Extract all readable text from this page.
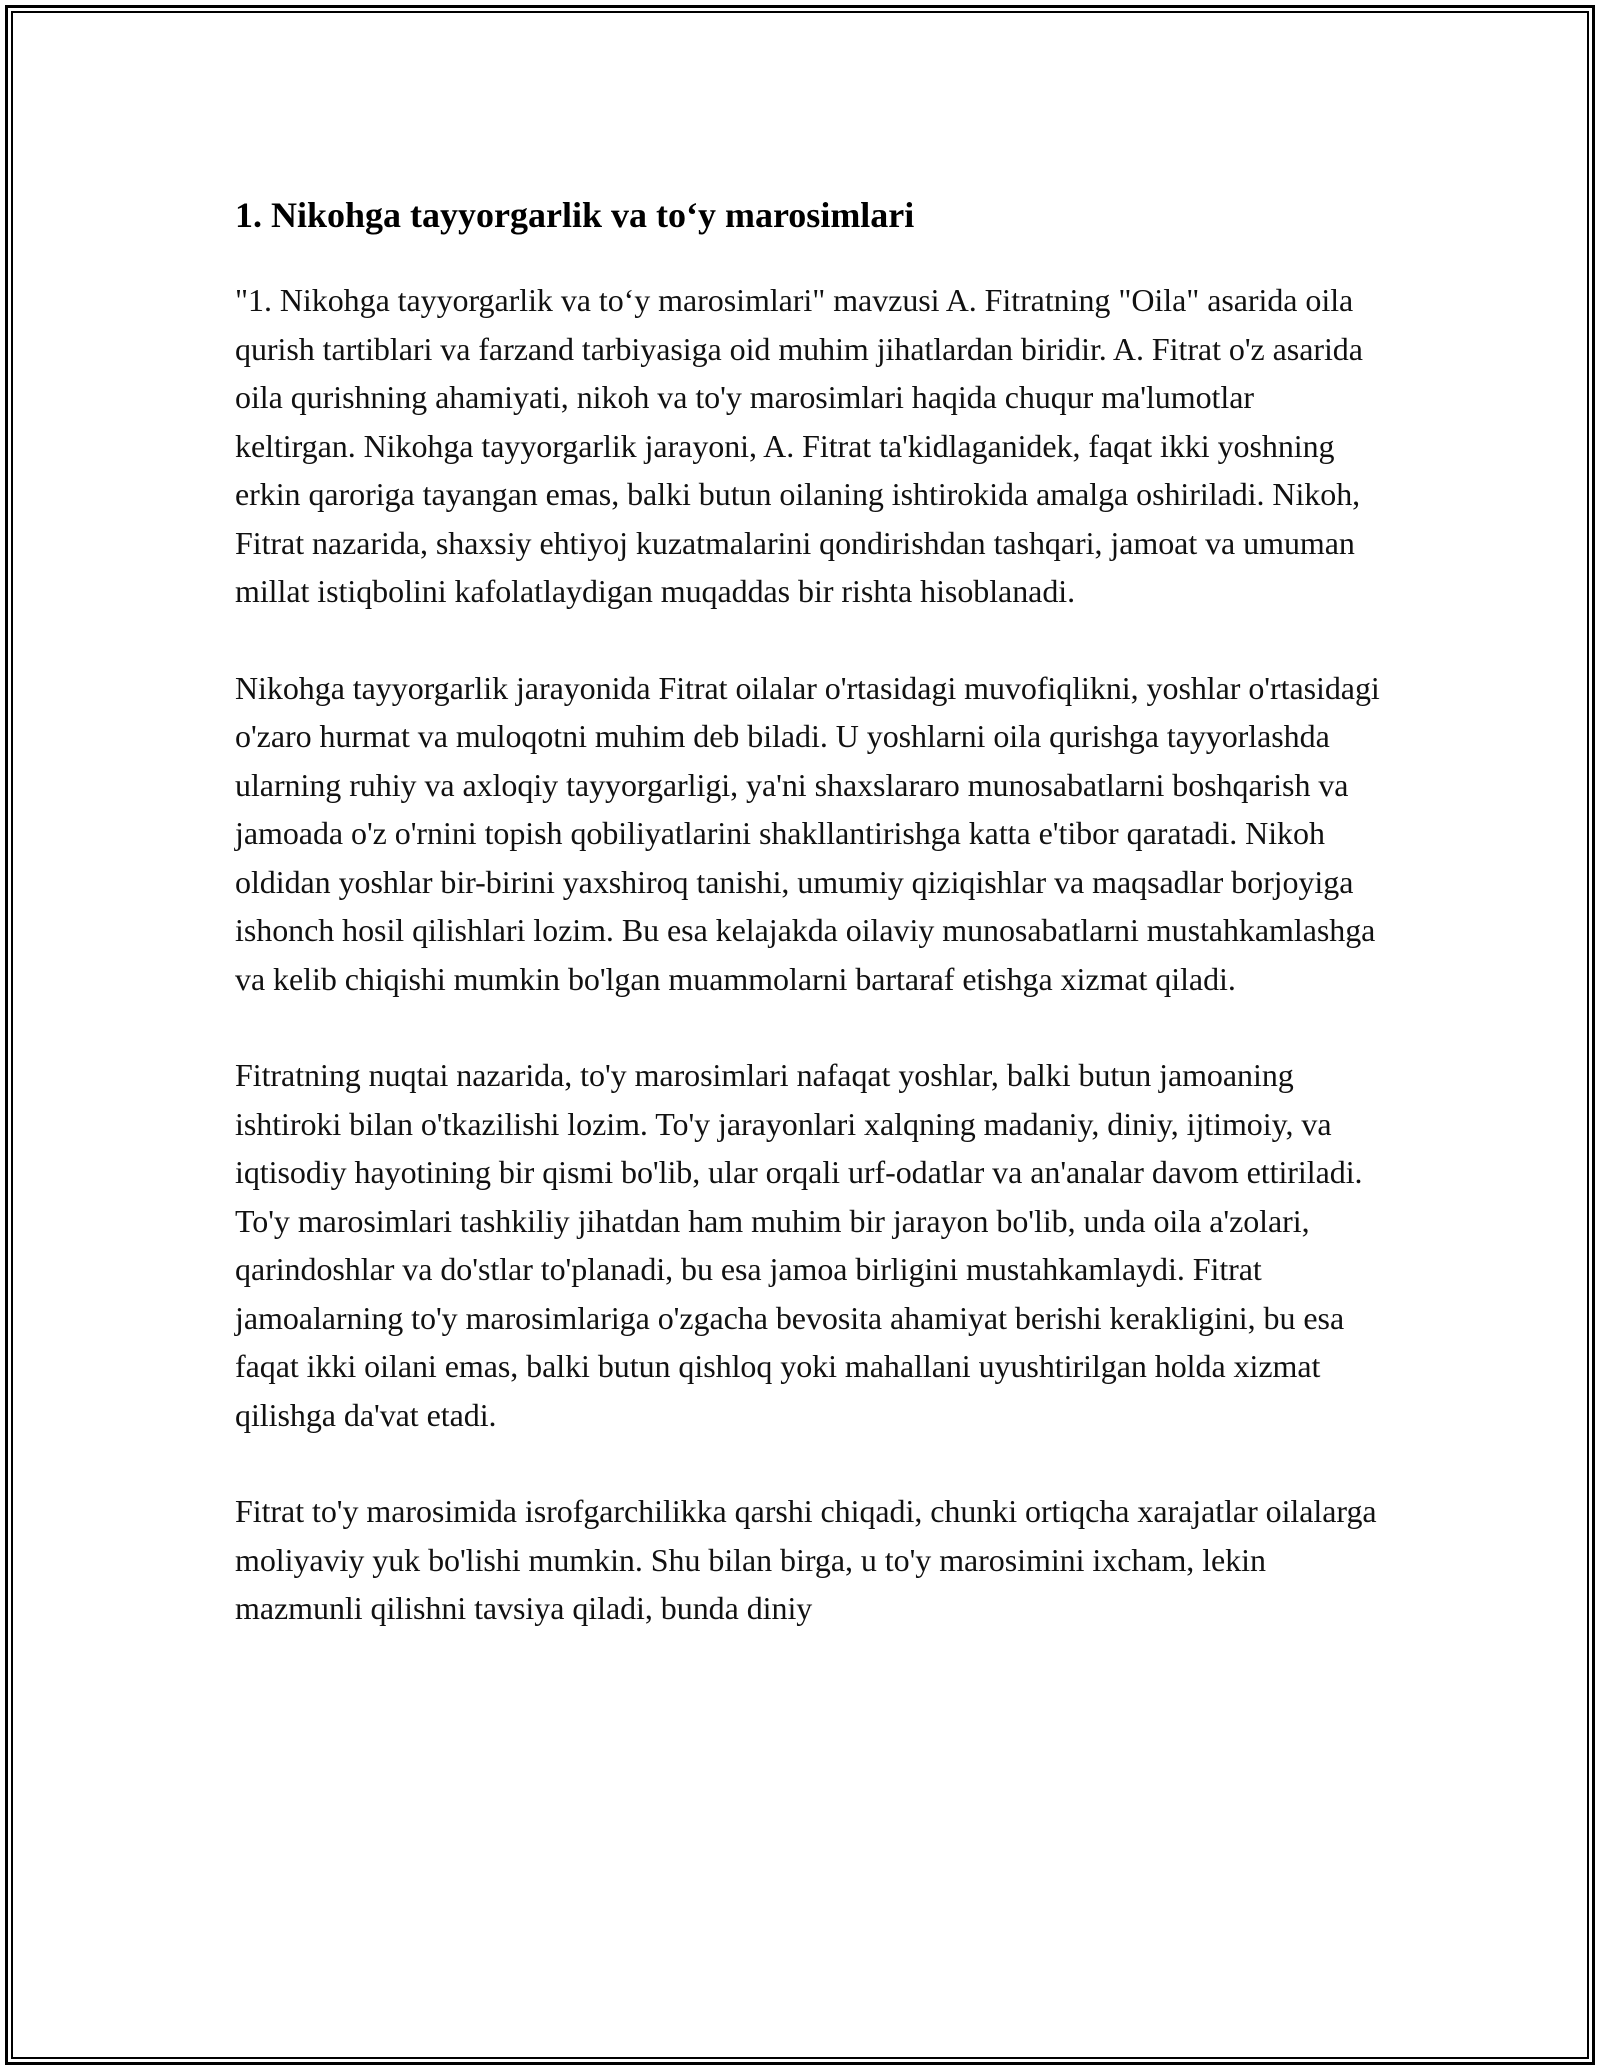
1. Nikohga tayyorgarlik va to‘y marosimlari

"1. Nikohga tayyorgarlik va to‘y marosimlari" mavzusi A. Fitratning "Oila" asarida oila qurish tartiblari va farzand tarbiyasiga oid muhim jihatlardan biridir. A. Fitrat o'z asarida oila qurishning ahamiyati, nikoh va to'y marosimlari haqida chuqur ma'lumotlar keltirgan. Nikohga tayyorgarlik jarayoni, A. Fitrat ta'kidlaganidek, faqat ikki yoshning erkin qaroriga tayangan emas, balki butun oilaning ishtirokida amalga oshiriladi. Nikoh, Fitrat nazarida, shaxsiy ehtiyoj kuzatmalarini qondirishdan tashqari, jamoat va umuman millat istiqbolini kafolatlaydigan muqaddas bir rishta hisoblanadi.

Nikohga tayyorgarlik jarayonida Fitrat oilalar o'rtasidagi muvofiqlikni, yoshlar o'rtasidagi o'zaro hurmat va muloqotni muhim deb biladi. U yoshlarni oila qurishga tayyorlashda ularning ruhiy va axloqiy tayyorgarligi, ya'ni shaxslararo munosabatlarni boshqarish va jamoada o'z o'rnini topish qobiliyatlarini shakllantirishga katta e'tibor qaratadi. Nikoh oldidan yoshlar bir-birini yaxshiroq tanishi, umumiy qiziqishlar va maqsadlar borjoyiga ishonch hosil qilishlari lozim. Bu esa kelajakda oilaviy munosabatlarni mustahkamlashga va kelib chiqishi mumkin bo'lgan muammolarni bartaraf etishga xizmat qiladi.

Fitratning nuqtai nazarida, to'y marosimlari nafaqat yoshlar, balki butun jamoaning ishtiroki bilan o'tkazilishi lozim. To'y jarayonlari xalqning madaniy, diniy, ijtimoiy, va iqtisodiy hayotining bir qismi bo'lib, ular orqali urf-odatlar va an'analar davom ettiriladi. To'y marosimlari tashkiliy jihatdan ham muhim bir jarayon bo'lib, unda oila a'zolari, qarindoshlar va do'stlar to'planadi, bu esa jamoa birligini mustahkamlaydi. Fitrat jamoalarning to'y marosimlariga o'zgacha bevosita ahamiyat berishi kerakligini, bu esa faqat ikki oilani emas, balki butun qishloq yoki mahallani uyushtirilgan holda xizmat qilishga da'vat etadi.

Fitrat to'y marosimida isrofgarchilikka qarshi chiqadi, chunki ortiqcha xarajatlar oilalarga moliyaviy yuk bo'lishi mumkin. Shu bilan birga, u to'y marosimini ixcham, lekin mazmunli qilishni tavsiya qiladi, bunda diniy
